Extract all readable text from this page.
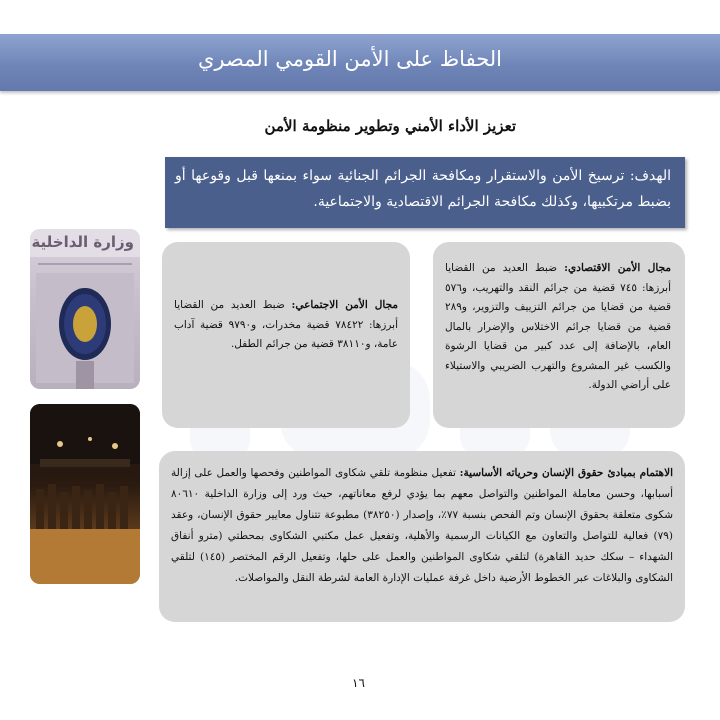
الحفاظ على الأمن القومي المصري
تعزيز الأداء الأمني وتطوير منظومة الأمن
الهدف: ترسيخ الأمن والاستقرار ومكافحة الجرائم الجنائية سواء بمنعها قبل وقوعها أو بضبط مرتكبيها، وكذلك مكافحة الجرائم الاقتصادية والاجتماعية.
وزارة الداخلية
مجال الأمن الاقتصادي: ضبط العديد من القضايا أبرزها: ٧٤٥ قضية من جرائم النقد والتهريب، و٥٧٦ قضية من قضايا من جرائم التزييف والتزوير، و٢٨٩ قضية من قضايا جرائم الاختلاس والإضرار بالمال العام، بالإضافة إلى عدد كبير من قضايا الرشوة والكسب غير المشروع والتهرب الضريبي والاستيلاء على أراضي الدولة.
مجال الأمن الاجتماعي: ضبط العديد من القضايا أبرزها: ٧٨٤٢٢ قضية مخدرات، و٩٧٩٠ قضية آداب عامة، و٣٨١١٠ قضية من جرائم الطفل.
الاهتمام بمبادئ حقوق الإنسان وحرياته الأساسية: تفعيل منظومة تلقي شكاوى المواطنين وفحصها والعمل على إزالة أسبابها، وحسن معاملة المواطنين والتواصل معهم بما يؤدي لرفع معاناتهم، حيث ورد إلى وزارة الداخلية ٨٠٦١٠ شكوى متعلقة بحقوق الإنسان وتم الفحص بنسبة ٧٧٪، وإصدار (٣٨٢٥٠) مطبوعة تتناول معايير حقوق الإنسان، وعقد (٧٩) فعالية للتواصل والتعاون مع الكيانات الرسمية والأهلية، وتفعيل عمل مكتبي الشكاوى بمحطتي (مترو أنفاق الشهداء – سكك حديد القاهرة) لتلقي شكاوى المواطنين والعمل على حلها، وتفعيل الرقم المختصر (١٤٥) لتلقي الشكاوى والبلاغات عبر الخطوط الأرضية داخل غرفة عمليات الإدارة العامة لشرطة النقل والمواصلات.
١٦
